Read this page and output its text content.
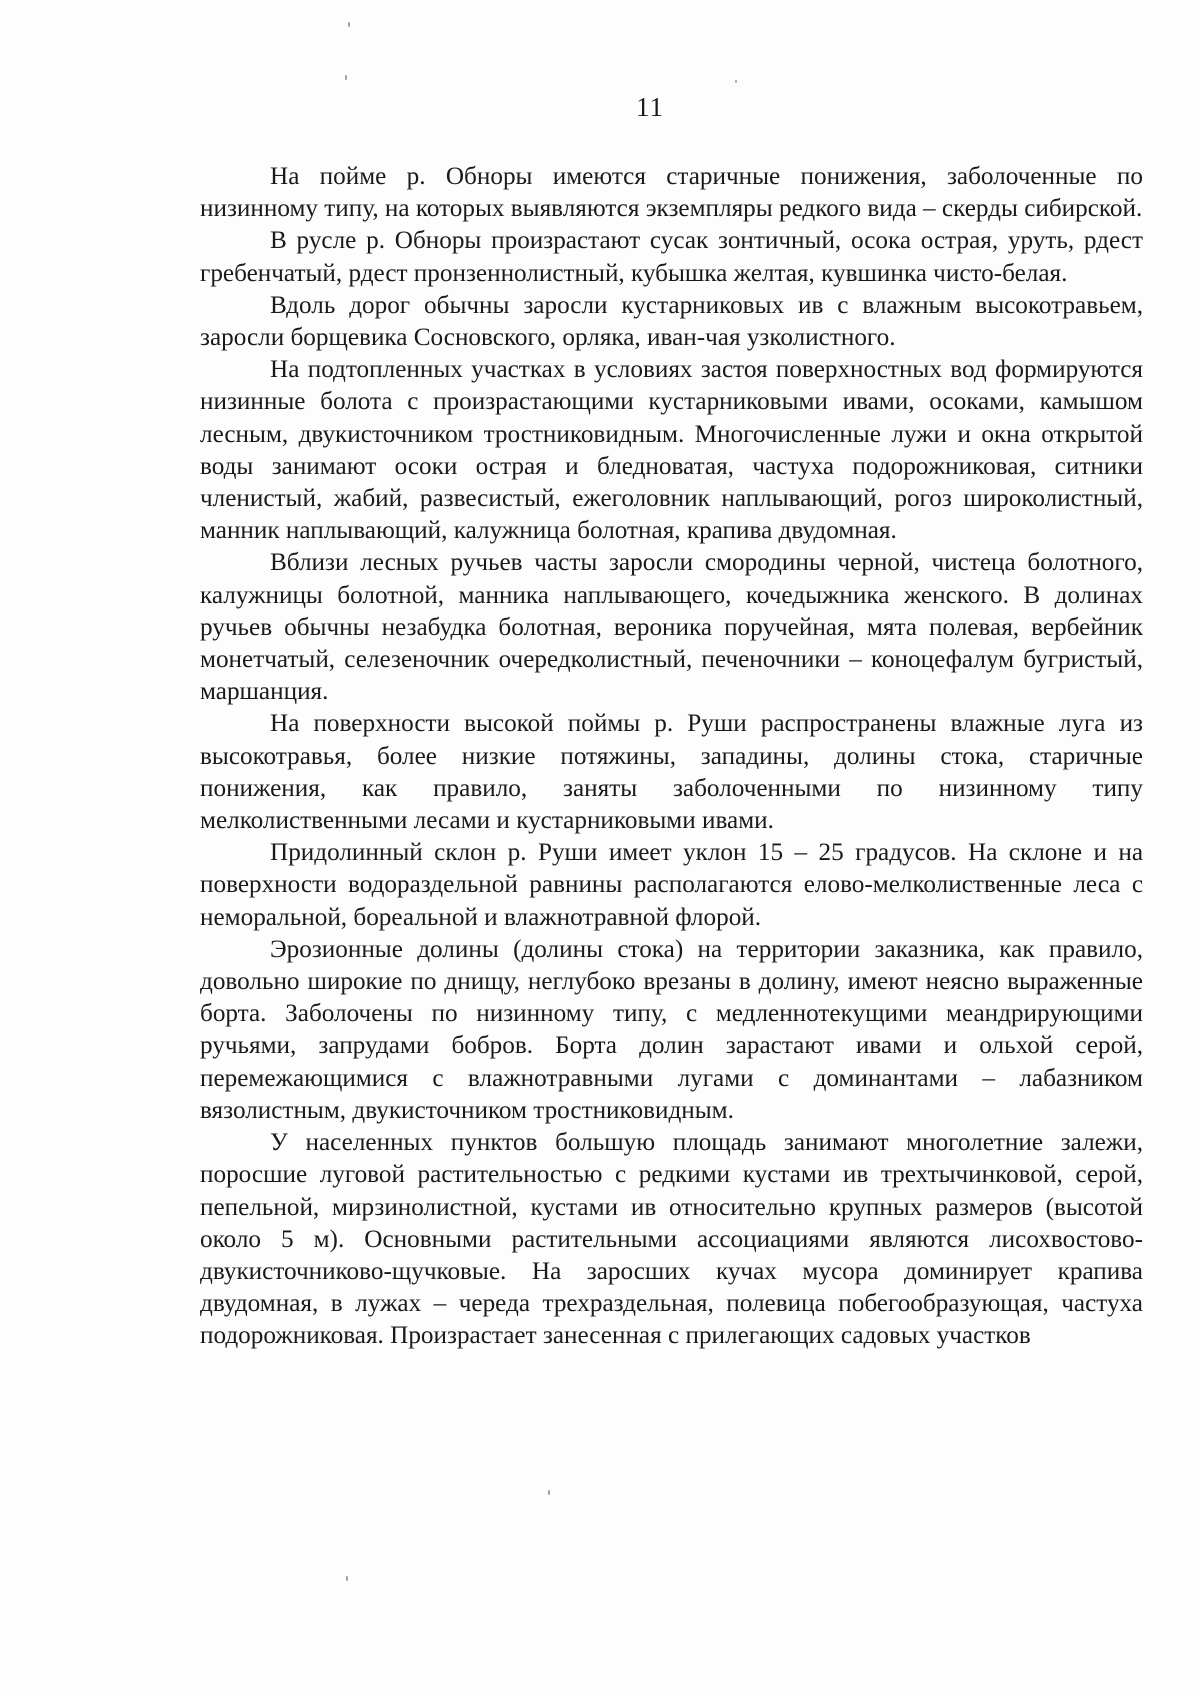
11

На пойме р. Обноры имеются старичные понижения, заболоченные по низинному типу, на которых выявляются экземпляры редкого вида – скерды сибирской.

В русле р. Обноры произрастают сусак зонтичный, осока острая, уруть, рдест гребенчатый, рдест пронзеннолистный, кубышка желтая, кувшинка чисто-белая.

Вдоль дорог обычны заросли кустарниковых ив с влажным высокотравьем, заросли борщевика Сосновского, орляка, иван-чая узколистного.

На подтопленных участках в условиях застоя поверхностных вод формируются низинные болота с произрастающими кустарниковыми ивами, осоками, камышом лесным, двукисточником тростниковидным. Многочисленные лужи и окна открытой воды занимают осоки острая и бледноватая, частуха подорожниковая, ситники членистый, жабий, развесистый, ежеголовник наплывающий, рогоз широколистный, манник наплывающий, калужница болотная, крапива двудомная.

Вблизи лесных ручьев часты заросли смородины черной, чистеца болотного, калужницы болотной, манника наплывающего, кочедыжника женского. В долинах ручьев обычны незабудка болотная, вероника поручейная, мята полевая, вербейник монетчатый, селезеночник очередколистный, печеночники – коноцефалум бугристый, маршанция.

На поверхности высокой поймы р. Руши распространены влажные луга из высокотравья, более низкие потяжины, западины, долины стока, старичные понижения, как правило, заняты заболоченными по низинному типу мелколиственными лесами и кустарниковыми ивами.

Придолинный склон р. Руши имеет уклон 15 – 25 градусов. На склоне и на поверхности водораздельной равнины располагаются елово-мелколиственные леса с неморальной, бореальной и влажнотравной флорой.

Эрозионные долины (долины стока) на территории заказника, как правило, довольно широкие по днищу, неглубоко врезаны в долину, имеют неясно выраженные борта. Заболочены по низинному типу, с медленнотекущими меандрирующими ручьями, запрудами бобров. Борта долин зарастают ивами и ольхой серой, перемежающимися с влажнотравными лугами с доминантами – лабазником вязолистным, двукисточником тростниковидным.

У населенных пунктов большую площадь занимают многолетние залежи, поросшие луговой растительностью с редкими кустами ив трехтычинковой, серой, пепельной, мирзинолистной, кустами ив относительно крупных размеров (высотой около 5 м). Основными растительными ассоциациями являются лисохвостово-двукисточниково-щучковые. На заросших кучах мусора доминирует крапива двудомная, в лужах – череда трехраздельная, полевица побегообразующая, частуха подорожниковая. Произрастает занесенная с прилегающих садовых участков
